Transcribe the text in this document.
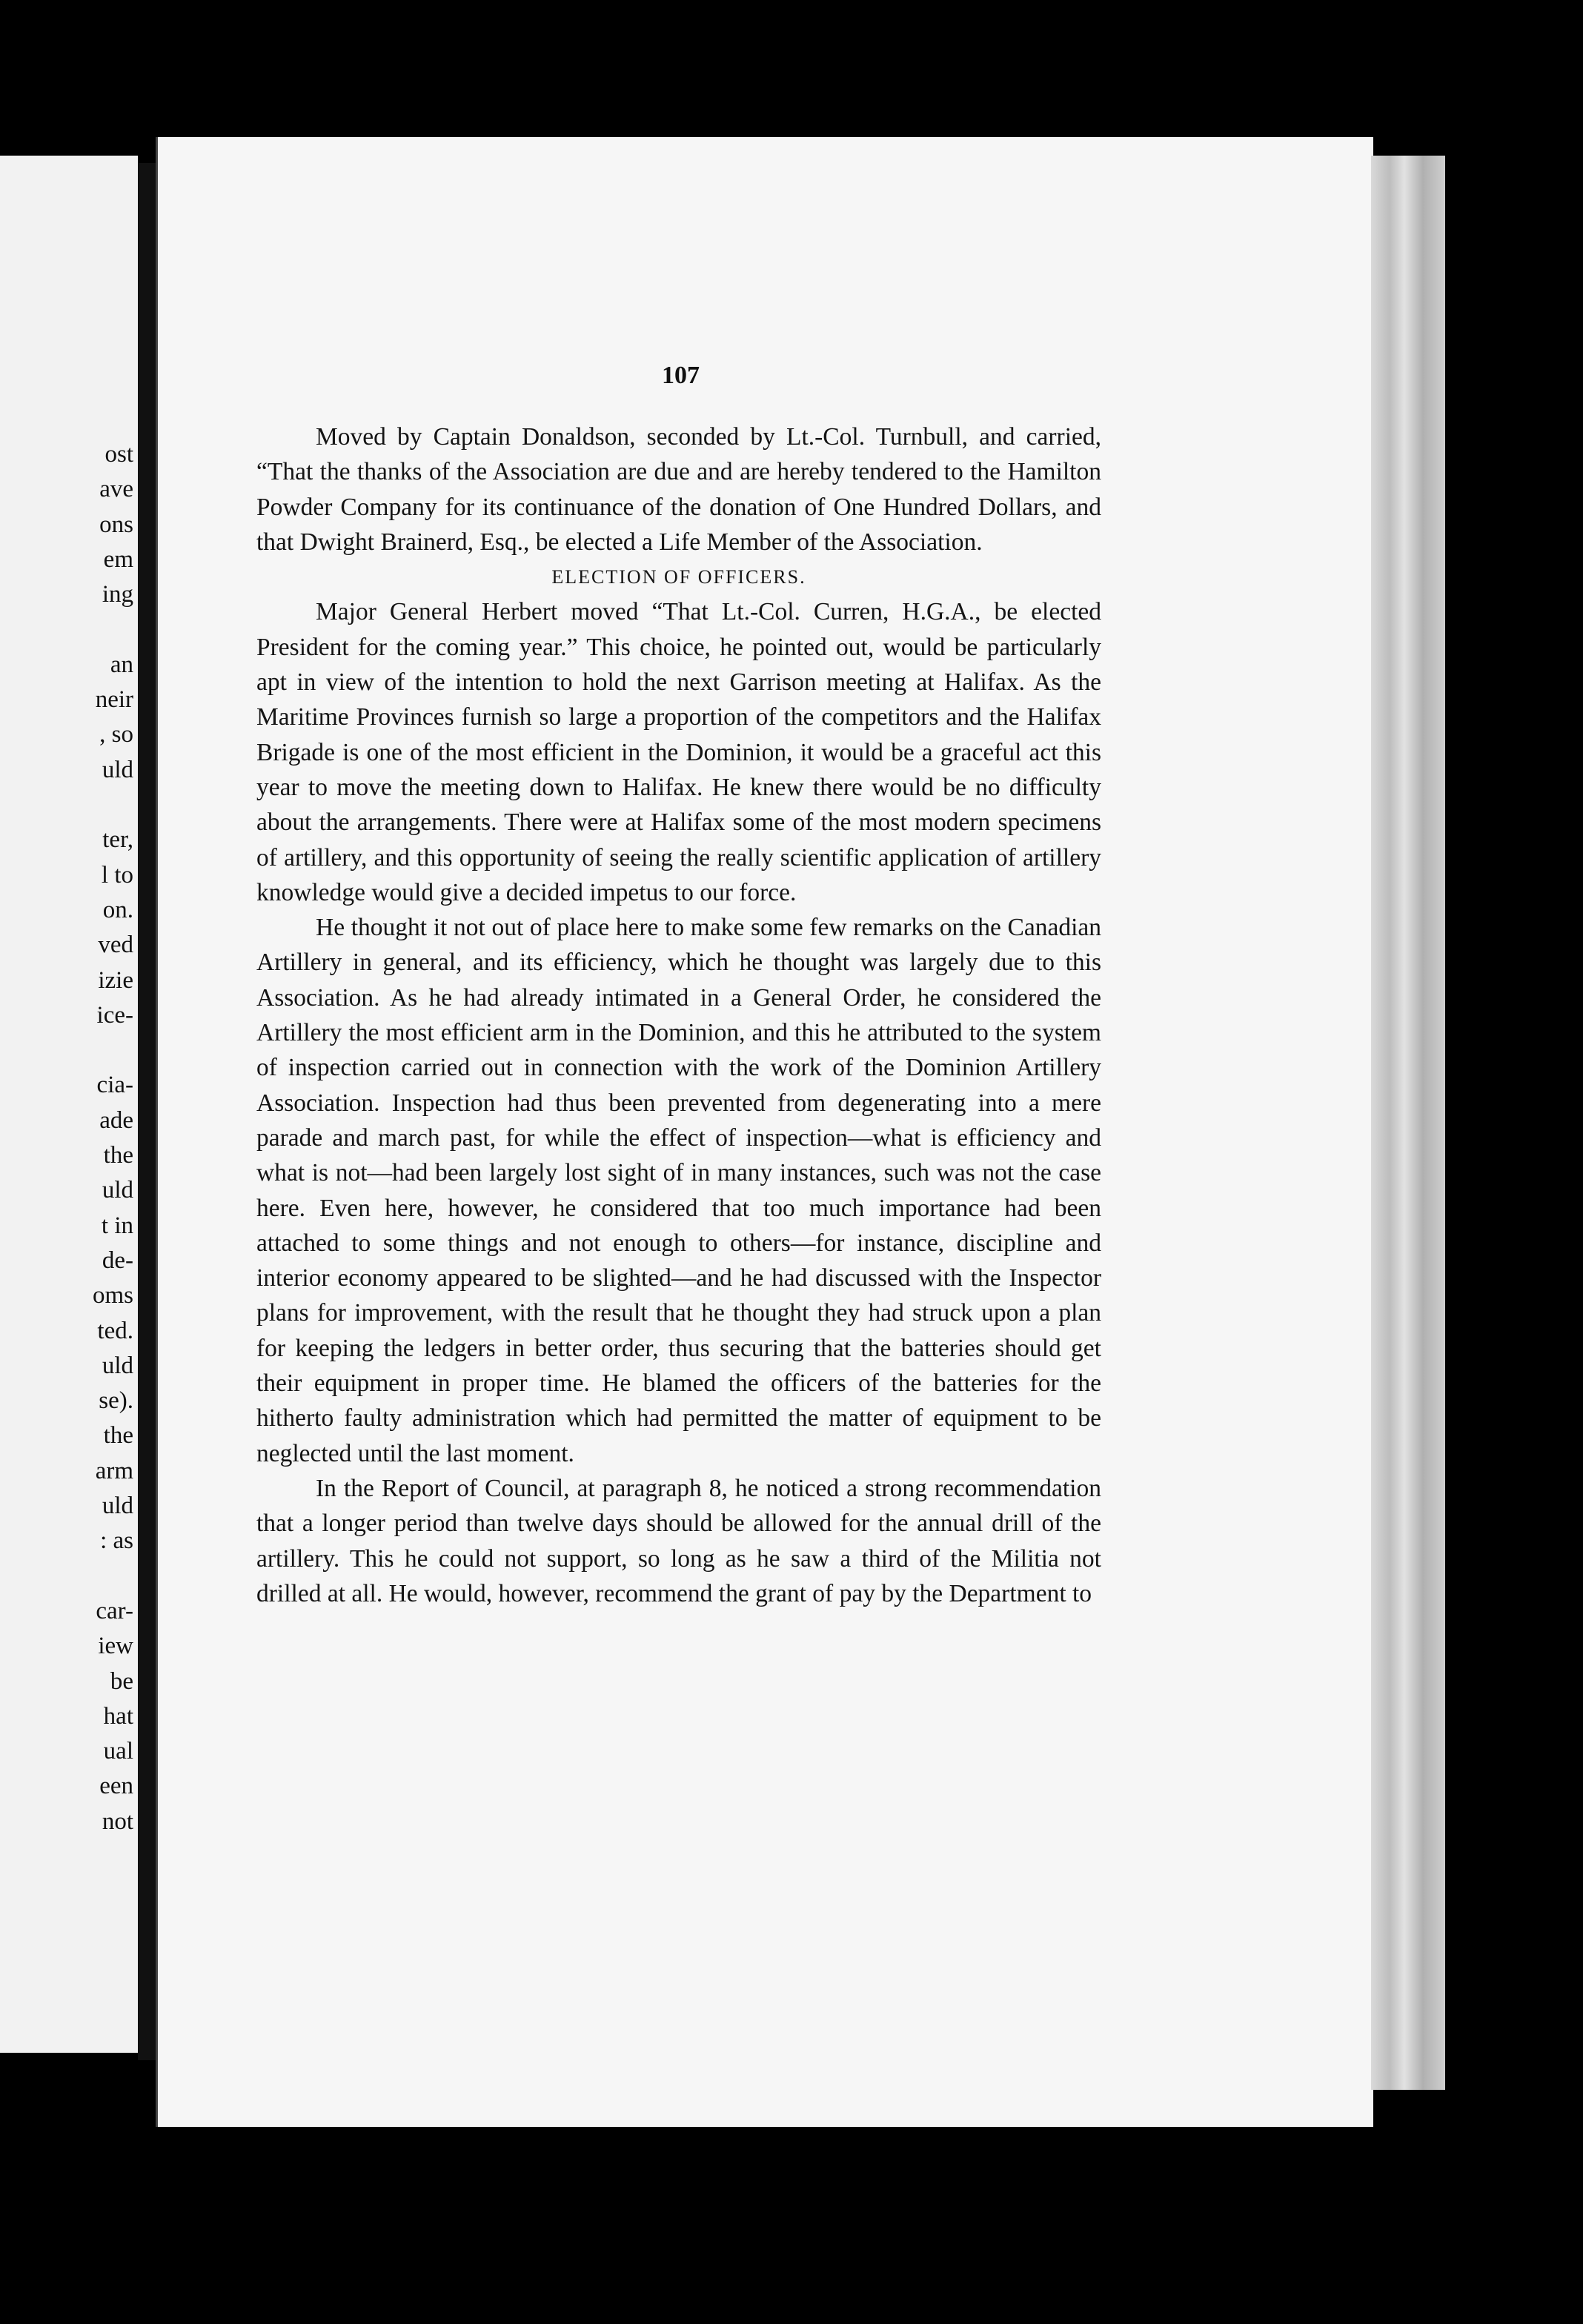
ost
ave
ons
em
ing
an
neir
, so
uld
ter,
l to
on.
ved
izie
ice-
cia-
ade
the
uld
t in
de-
oms
ted.
uld
se).
the
arm
uld
: as
car-
iew
be
hat
ual
een
not
107

Moved by Captain Donaldson, seconded by Lt.-Col. Turnbull, and carried, “That the thanks of the Association are due and are hereby tendered to the Hamilton Powder Company for its continuance of the donation of One Hundred Dollars, and that Dwight Brainerd, Esq., be elected a Life Member of the Association.

ELECTION OF OFFICERS.

Major General Herbert moved “That Lt.-Col. Curren, H.G.A., be elected President for the coming year.” This choice, he pointed out, would be particularly apt in view of the intention to hold the next Garrison meeting at Halifax. As the Maritime Provinces furnish so large a proportion of the competitors and the Halifax Brigade is one of the most efficient in the Dominion, it would be a graceful act this year to move the meeting down to Halifax. He knew there would be no difficulty about the arrangements. There were at Halifax some of the most modern specimens of artillery, and this opportunity of seeing the really scientific application of artillery knowledge would give a decided impetus to our force.

He thought it not out of place here to make some few remarks on the Canadian Artillery in general, and its efficiency, which he thought was largely due to this Association. As he had already intimated in a General Order, he considered the Artillery the most efficient arm in the Dominion, and this he attributed to the system of inspection carried out in connection with the work of the Dominion Artillery Association. Inspection had thus been prevented from degenerating into a mere parade and march past, for while the effect of inspection—what is efficiency and what is not—had been largely lost sight of in many instances, such was not the case here. Even here, however, he considered that too much importance had been attached to some things and not enough to others—for instance, discipline and interior economy appeared to be slighted—and he had discussed with the Inspector plans for improvement, with the result that he thought they had struck upon a plan for keeping the ledgers in better order, thus securing that the batteries should get their equipment in proper time. He blamed the officers of the batteries for the hitherto faulty administration which had permitted the matter of equipment to be neglected until the last moment.

In the Report of Council, at paragraph 8, he noticed a strong recommendation that a longer period than twelve days should be allowed for the annual drill of the artillery. This he could not support, so long as he saw a third of the Militia not drilled at all. He would, however, recommend the grant of pay by the Department to
